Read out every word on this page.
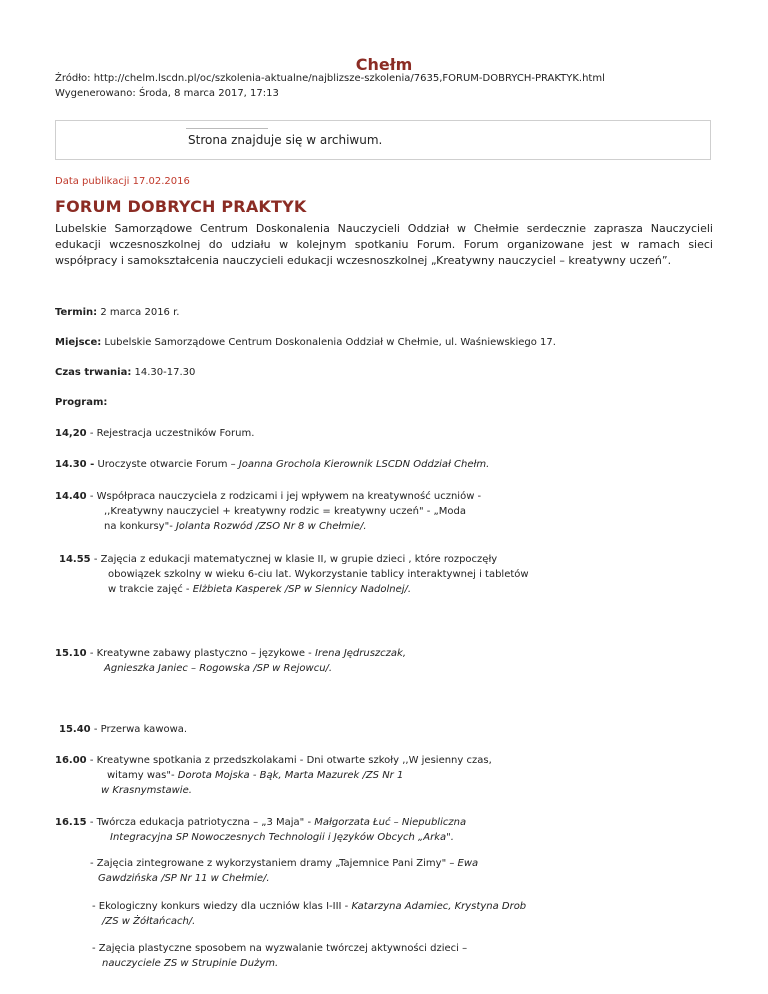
Chełm
Źródło: http://chelm.lscdn.pl/oc/szkolenia-aktualne/najblizsze-szkolenia/7635,FORUM-DOBRYCH-PRAKTYK.html
Wygenerowano: Środa, 8 marca 2017, 17:13
Strona znajduje się w archiwum.
Data publikacji 17.02.2016
FORUM DOBRYCH PRAKTYK
Lubelskie Samorządowe Centrum Doskonalenia Nauczycieli Oddział w Chełmie serdecznie zaprasza Nauczycieli edukacji wczesnoszkolnej do udziału w kolejnym spotkaniu Forum. Forum organizowane jest w ramach sieci współpracy i samokształcenia nauczycieli edukacji wczesnoszkolnej „Kreatywny nauczyciel – kreatywny uczeń”.
Termin: 2 marca 2016 r.
Miejsce: Lubelskie Samorządowe Centrum Doskonalenia Oddział w Chełmie, ul. Waśniewskiego 17.
Czas trwania: 14.30-17.30
Program:
14,20 - Rejestracja uczestników Forum.
14.30 - Uroczyste otwarcie Forum – Joanna Grochola Kierownik LSCDN Oddział Chełm.
14.40 - Współpraca nauczyciela z rodzicami i jej wpływem na kreatywność uczniów -
,,Kreatywny nauczyciel + kreatywny rodzic = kreatywny uczeń" - „Moda
na konkursy"- Jolanta Rozwód /ZSO Nr 8 w Chełmie/.
14.55 - Zajęcia z edukacji matematycznej w klasie II, w grupie dzieci , które rozpoczęły
obowiązek szkolny w wieku 6-ciu lat. Wykorzystanie tablicy interaktywnej i tabletów
w trakcie zajęć - Elżbieta Kasperek /SP w Siennicy Nadolnej/.
15.10 - Kreatywne zabawy plastyczno – językowe - Irena Jędruszczak,
Agnieszka Janiec – Rogowska /SP w Rejowcu/.
15.40 - Przerwa kawowa.
16.00 - Kreatywne spotkania z przedszkolakami - Dni otwarte szkoły ,,W jesienny czas,
witamy was"- Dorota Mojska - Bąk, Marta Mazurek /ZS Nr 1
w Krasnymstawie.
16.15 - Twórcza edukacja patriotyczna – „3 Maja" - Małgorzata Łuć – Niepubliczna
Integracyjna SP Nowoczesnych Technologii i Języków Obcych „Arka".
- Zajęcia zintegrowane z wykorzystaniem dramy „Tajemnice Pani Zimy" – Ewa
Gawdzińska /SP Nr 11 w Chełmie/.
- Ekologiczny konkurs wiedzy dla uczniów klas I-III - Katarzyna Adamiec, Krystyna Drob
/ZS w Żółtańcach/.
- Zajęcia plastyczne sposobem na wyzwalanie twórczej aktywności dzieci –
nauczyciele ZS w Strupinie Dużym.
